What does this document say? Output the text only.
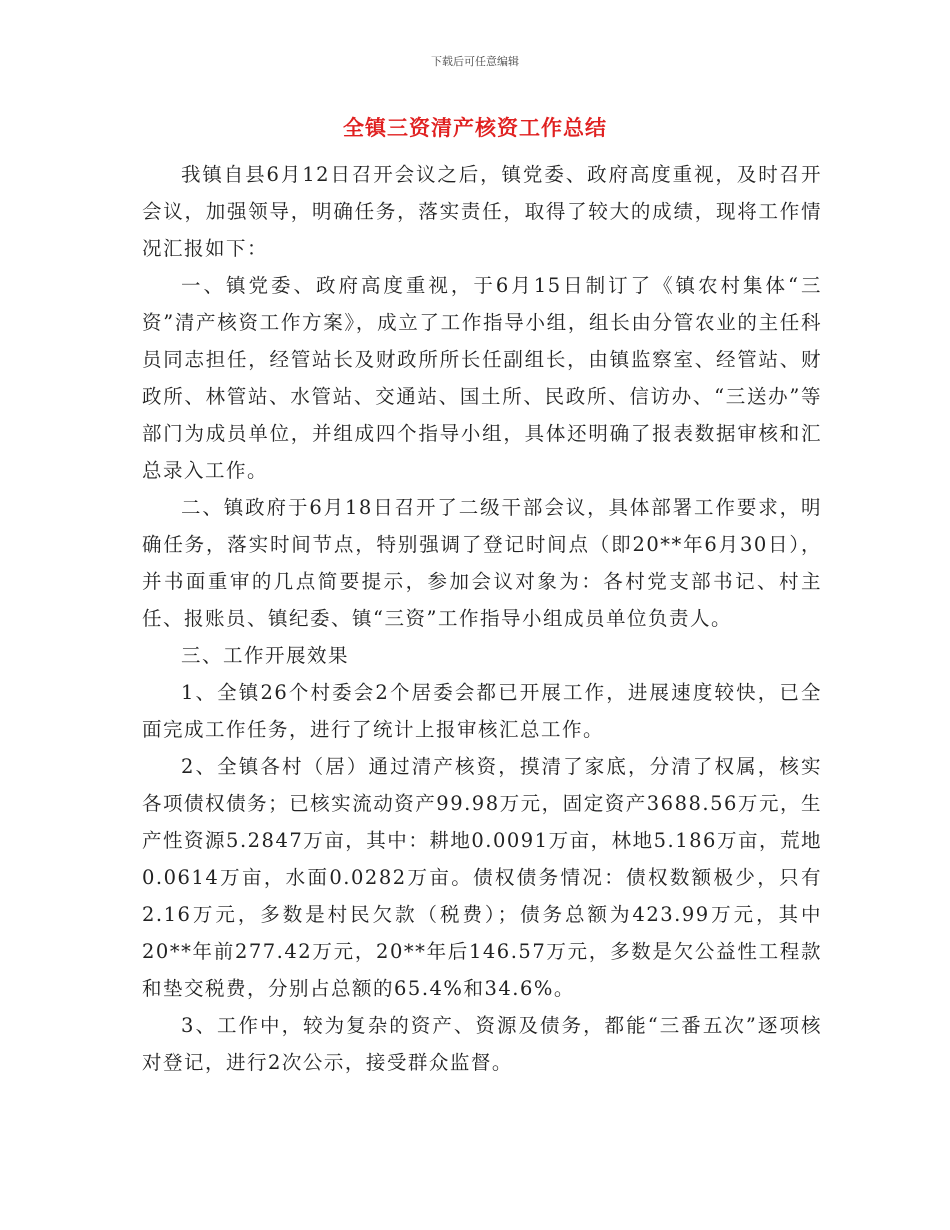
下载后可任意编辑
全镇三资清产核资工作总结

我镇自县6月12日召开会议之后，镇党委、政府高度重视，及时召开会议，加强领导，明确任务，落实责任，取得了较大的成绩，现将工作情况汇报如下：

一、镇党委、政府高度重视，于6月15日制订了《镇农村集体“三资”清产核资工作方案》，成立了工作指导小组，组长由分管农业的主任科员同志担任，经管站长及财政所所长任副组长，由镇监察室、经管站、财政所、林管站、水管站、交通站、国土所、民政所、信访办、“三送办”等部门为成员单位，并组成四个指导小组，具体还明确了报表数据审核和汇总录入工作。

二、镇政府于6月18日召开了二级干部会议，具体部署工作要求，明确任务，落实时间节点，特别强调了登记时间点（即20**年6月30日），并书面重审的几点简要提示，参加会议对象为：各村党支部书记、村主任、报账员、镇纪委、镇“三资”工作指导小组成员单位负责人。

三、工作开展效果

1、全镇26个村委会2个居委会都已开展工作，进展速度较快，已全面完成工作任务，进行了统计上报审核汇总工作。

2、全镇各村（居）通过清产核资，摸清了家底，分清了权属，核实各项债权债务；已核实流动资产99.98万元，固定资产3688.56万元，生产性资源5.2847万亩，其中：耕地0.0091万亩，林地5.186万亩，荒地0.0614万亩，水面0.0282万亩。债权债务情况：债权数额极少，只有2.16万元，多数是村民欠款（税费）；债务总额为423.99万元，其中20**年前277.42万元，20**年后146.57万元，多数是欠公益性工程款和垫交税费，分别占总额的65.4%和34.6%。

3、工作中，较为复杂的资产、资源及债务，都能“三番五次”逐项核对登记，进行2次公示，接受群众监督。
